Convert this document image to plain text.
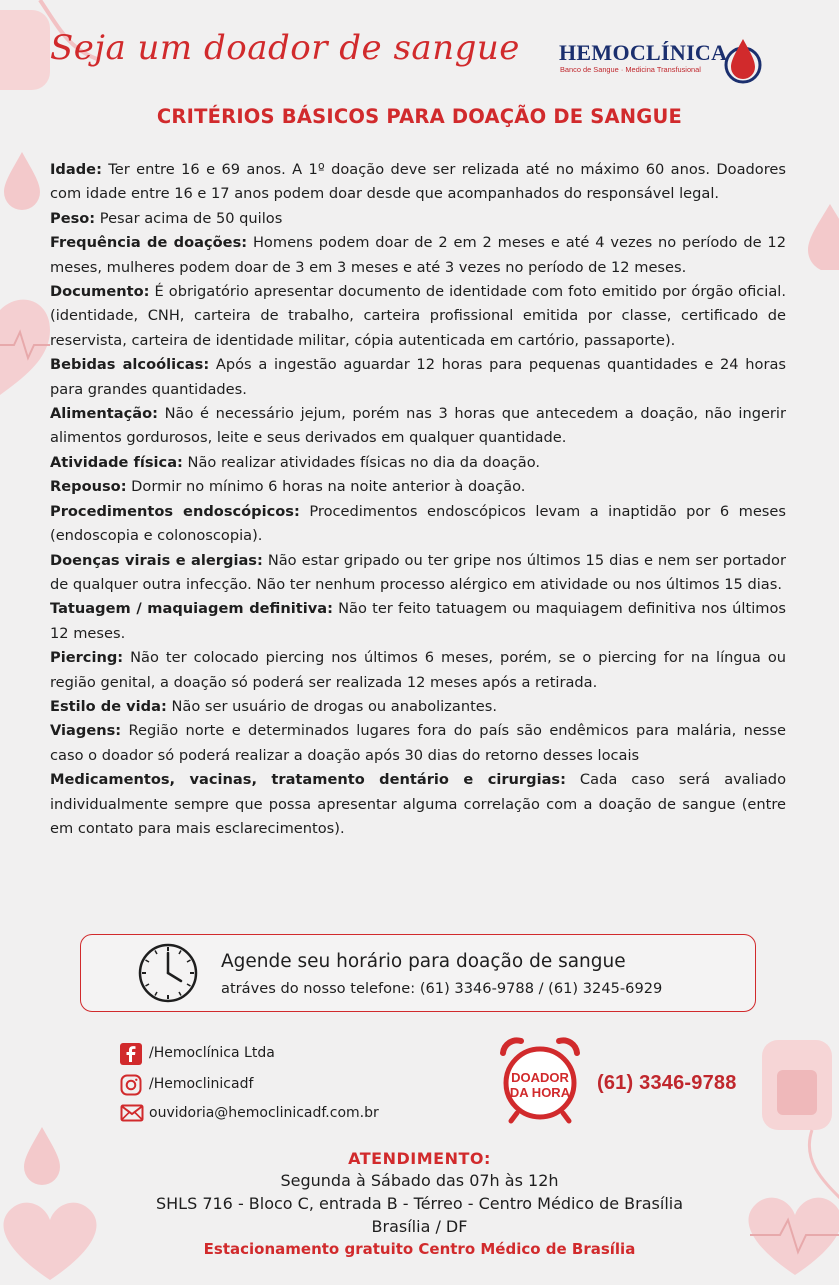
Seja um doador de sangue HEMOCLÍNICA
Banco de Sangue · Medicina Transfusional
CRITÉRIOS BÁSICOS PARA DOAÇÃO DE SANGUE

Idade: Ter entre 16 e 69 anos. A 1º doação deve ser relizada até no máximo 60 anos. Doadores com idade entre 16 e 17 anos podem doar desde que acompanhados do responsável legal.

Peso: Pesar acima de 50 quilos

Frequência de doações: Homens podem doar de 2 em 2 meses e até 4 vezes no período de 12 meses, mulheres podem doar de 3 em 3 meses e até 3 vezes no período de 12 meses.

Documento: É obrigatório apresentar documento de identidade com foto emitido por órgão oficial. (identidade, CNH, carteira de trabalho, carteira profissional emitida por classe, certificado de reservista, carteira de identidade militar, cópia autenticada em cartório, passaporte).

Bebidas alcoólicas: Após a ingestão aguardar 12 horas para pequenas quantidades e 24 horas para grandes quantidades.

Alimentação: Não é necessário jejum, porém nas 3 horas que antecedem a doação, não ingerir alimentos gordurosos, leite e seus derivados em qualquer quantidade.

Atividade física: Não realizar atividades físicas no dia da doação.

Repouso: Dormir no mínimo 6 horas na noite anterior à doação.

Procedimentos endoscópicos: Procedimentos endoscópicos levam a inaptidão por 6 meses (endoscopia e colonoscopia).

Doenças virais e alergias: Não estar gripado ou ter gripe nos últimos 15 dias e nem ser portador de qualquer outra infecção. Não ter nenhum processo alérgico em atividade ou nos últimos 15 dias.

Tatuagem / maquiagem definitiva: Não ter feito tatuagem ou maquiagem definitiva nos últimos 12 meses.

Piercing: Não ter colocado piercing nos últimos 6 meses, porém, se o piercing for na língua ou região genital, a doação só poderá ser realizada 12 meses após a retirada.

Estilo de vida: Não ser usuário de drogas ou anabolizantes.

Viagens: Região norte e determinados lugares fora do país são endêmicos para malária, nesse caso o doador só poderá realizar a doação após 30 dias do retorno desses locais

Medicamentos, vacinas, tratamento dentário e cirurgias: Cada caso será avaliado individualmente sempre que possa apresentar alguma correlação com a doação de sangue (entre em contato para mais esclarecimentos).

Agende seu horário para doação de sangue
atráves do nosso telefone: (61) 3346-9788 / (61) 3245-6929
/Hemoclínica Ltda
/Hemoclinicadf
ouvidoria@hemoclinicadf.com.br
DOADOR
DA HORA (61) 3346-9788
ATENDIMENTO:
Segunda à Sábado das 07h às 12h
SHLS 716 - Bloco C, entrada B - Térreo - Centro Médico de Brasília
Brasília / DF
Estacionamento gratuito Centro Médico de Brasília
